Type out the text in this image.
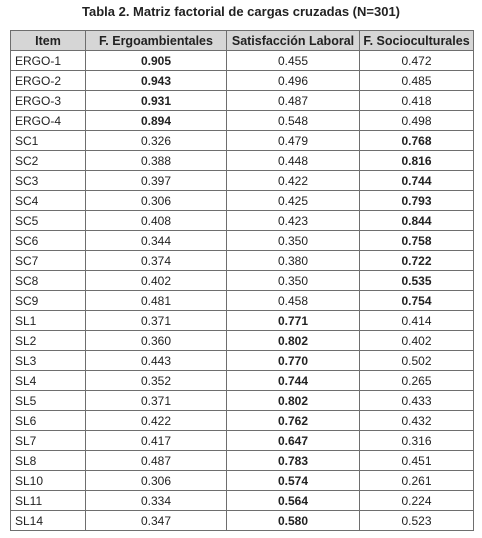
Tabla 2. Matriz factorial de cargas cruzadas (N=301)
Item	F. Ergoambientales	Satisfacción Laboral	F. Socioculturales
ERGO-1	0.905	0.455	0.472
ERGO-2	0.943	0.496	0.485
ERGO-3	0.931	0.487	0.418
ERGO-4	0.894	0.548	0.498
SC1	0.326	0.479	0.768
SC2	0.388	0.448	0.816
SC3	0.397	0.422	0.744
SC4	0.306	0.425	0.793
SC5	0.408	0.423	0.844
SC6	0.344	0.350	0.758
SC7	0.374	0.380	0.722
SC8	0.402	0.350	0.535
SC9	0.481	0.458	0.754
SL1	0.371	0.771	0.414
SL2	0.360	0.802	0.402
SL3	0.443	0.770	0.502
SL4	0.352	0.744	0.265
SL5	0.371	0.802	0.433
SL6	0.422	0.762	0.432
SL7	0.417	0.647	0.316
SL8	0.487	0.783	0.451
SL10	0.306	0.574	0.261
SL11	0.334	0.564	0.224
SL14	0.347	0.580	0.523
